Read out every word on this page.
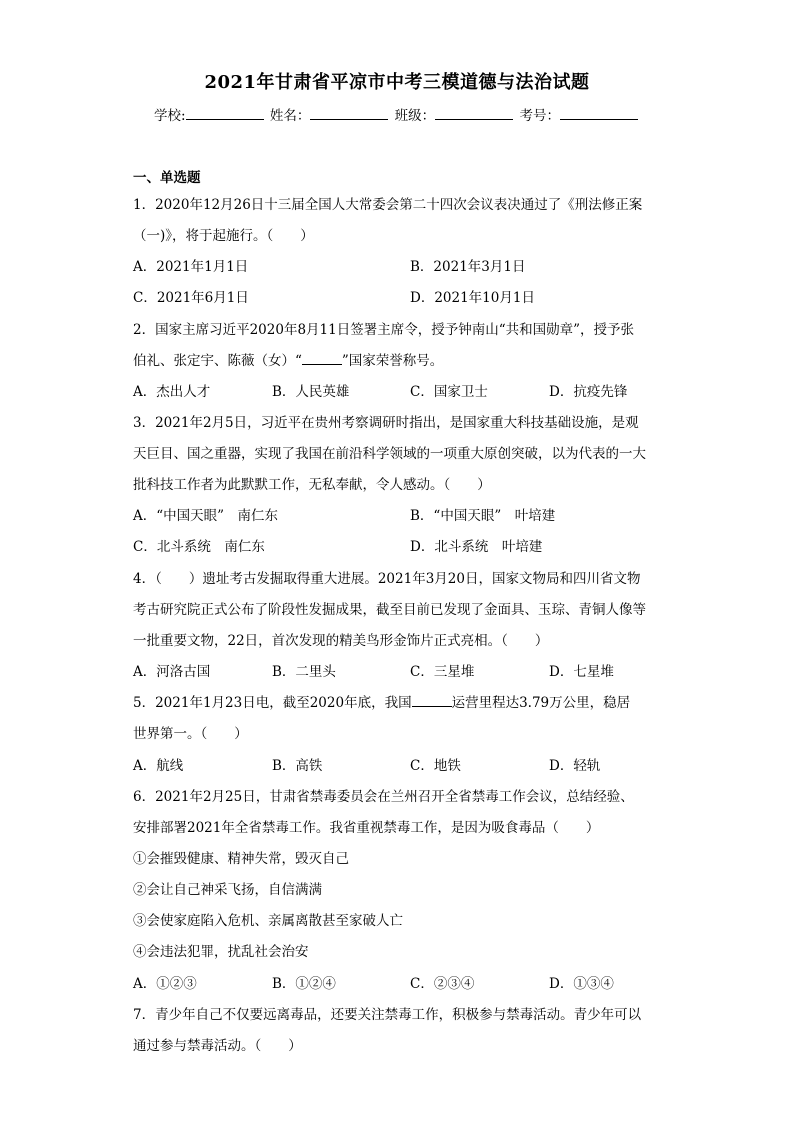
2021年甘肃省平凉市中考三模道德与法治试题
学校:	姓名：	班级：	考号：
一、单选题
1．2020年12月26日十三届全国人大常委会第二十四次会议表决通过了《刑法修正案
（一)》，将于起施行。（　　）
A．2021年1月1日	B．2021年3月1日
C．2021年6月1日	D．2021年10月1日
2．国家主席习近平2020年8月11日签署主席令，授予钟南山“共和国勋章”，授予张
伯礼、张定宇、陈薇（女）“	”国家荣誉称号。
A．杰出人才	B．人民英雄	C．国家卫士	D．抗疫先锋
3．2021年2月5日，习近平在贵州考察调研时指出，是国家重大科技基础设施，是观
天巨目、国之重器，实现了我国在前沿科学领域的一项重大原创突破，以为代表的一大
批科技工作者为此默默工作，无私奉献，令人感动。（　　）
A．“中国天眼”　南仁东	B．“中国天眼”　叶培建
C．北斗系统　南仁东	D．北斗系统　叶培建
4．（　　）遗址考古发掘取得重大进展。2021年3月20日，国家文物局和四川省文物
考古研究院正式公布了阶段性发掘成果，截至目前已发现了金面具、玉琮、青铜人像等
一批重要文物，22日，首次发现的精美鸟形金饰片正式亮相。（　　）
A．河洛古国	B．二里头	C．三星堆	D．七星堆
5．2021年1月23日电，截至2020年底，我国	运营里程达3.79万公里，稳居
世界第一。（　　）
A．航线	B．高铁	C．地铁	D．轻轨
6．2021年2月25日，甘肃省禁毒委员会在兰州召开全省禁毒工作会议，总结经验、
安排部署2021年全省禁毒工作。我省重视禁毒工作，是因为吸食毒品（　　）
①会摧毁健康、精神失常，毁灭自己
②会让自己神采飞扬，自信满满
③会使家庭陷入危机、亲属离散甚至家破人亡
④会违法犯罪，扰乱社会治安
A．①②③	B．①②④	C．②③④	D．①③④
7．青少年自己不仅要远离毒品，还要关注禁毒工作，积极参与禁毒活动。青少年可以
通过参与禁毒活动。（　　）
